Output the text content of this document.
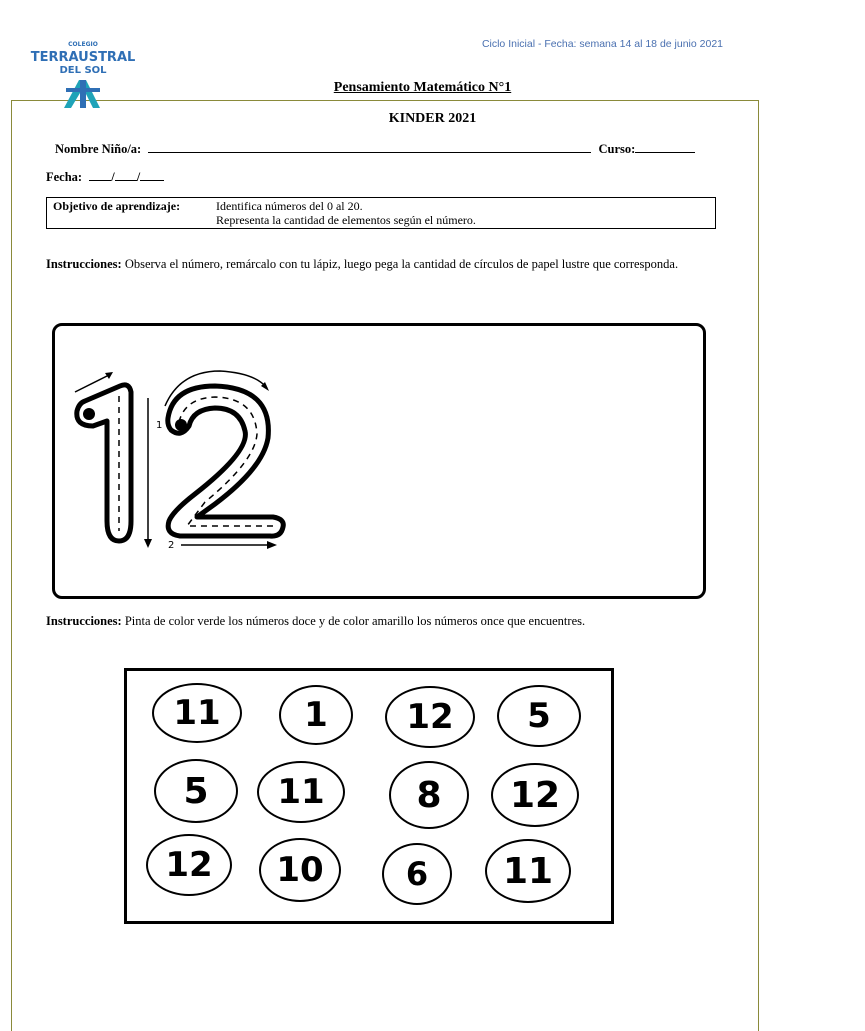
Ciclo Inicial - Fecha: semana 14 al 18 de junio 2021
COLEGIO
TERRAUSTRAL
DEL SOL
Pensamiento Matemático N°1
KINDER 2021
Nombre Niño/a:	Curso:
Fecha: / /
Objetivo de aprendizaje:	Identifica números del 0 al 20.
Representa la cantidad de elementos según el número.
Instrucciones: Observa el número, remárcalo con tu lápiz, luego pega la cantidad de círculos de papel lustre que corresponda.
1
2
Instrucciones: Pinta de color verde los números doce y de color amarillo los números once que encuentres.
11	1	12	5
5	11	8	12
12	10	6	11
